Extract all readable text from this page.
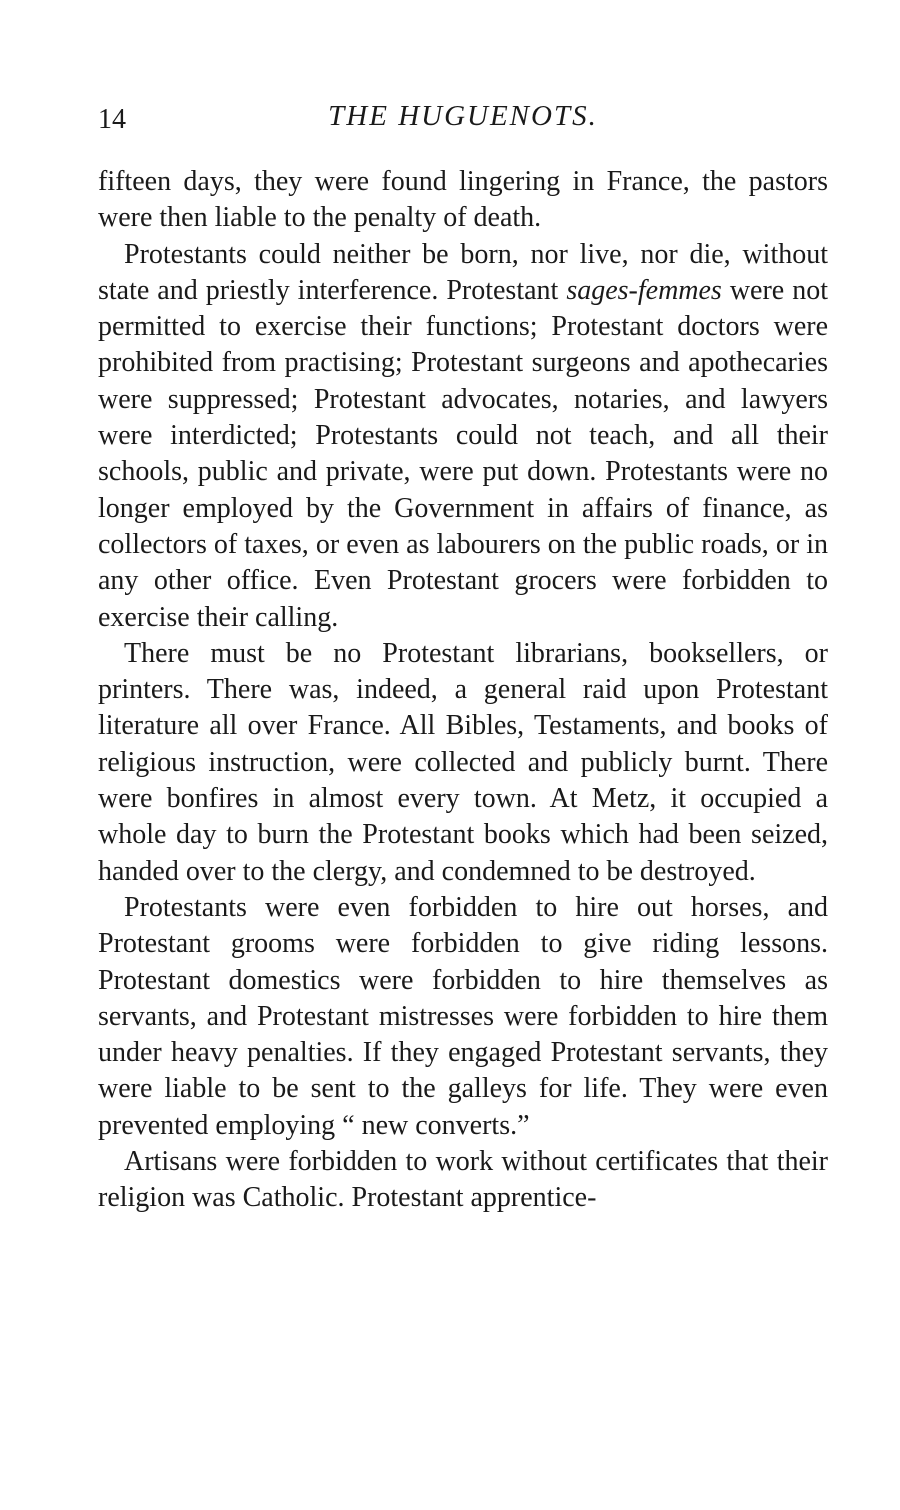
14	THE HUGUENOTS.

fifteen days, they were found lingering in France, the pastors were then liable to the penalty of death.

Protestants could neither be born, nor live, nor die, without state and priestly interference. Protestant sages-femmes were not permitted to exercise their functions; Protestant doctors were prohibited from practising; Protestant surgeons and apothecaries were suppressed; Protestant advocates, notaries, and lawyers were interdicted; Protestants could not teach, and all their schools, public and private, were put down. Protestants were no longer employed by the Government in affairs of finance, as collectors of taxes, or even as labourers on the public roads, or in any other office. Even Protestant grocers were forbidden to exercise their calling.

There must be no Protestant librarians, booksellers, or printers. There was, indeed, a general raid upon Protestant literature all over France. All Bibles, Testaments, and books of religious instruction, were collected and publicly burnt. There were bonfires in almost every town. At Metz, it occupied a whole day to burn the Protestant books which had been seized, handed over to the clergy, and condemned to be destroyed.

Protestants were even forbidden to hire out horses, and Protestant grooms were forbidden to give riding lessons. Protestant domestics were forbidden to hire themselves as servants, and Protestant mistresses were forbidden to hire them under heavy penalties. If they engaged Protestant servants, they were liable to be sent to the galleys for life. They were even prevented employing “ new converts.”

Artisans were forbidden to work without certificates that their religion was Catholic. Protestant apprentice-
